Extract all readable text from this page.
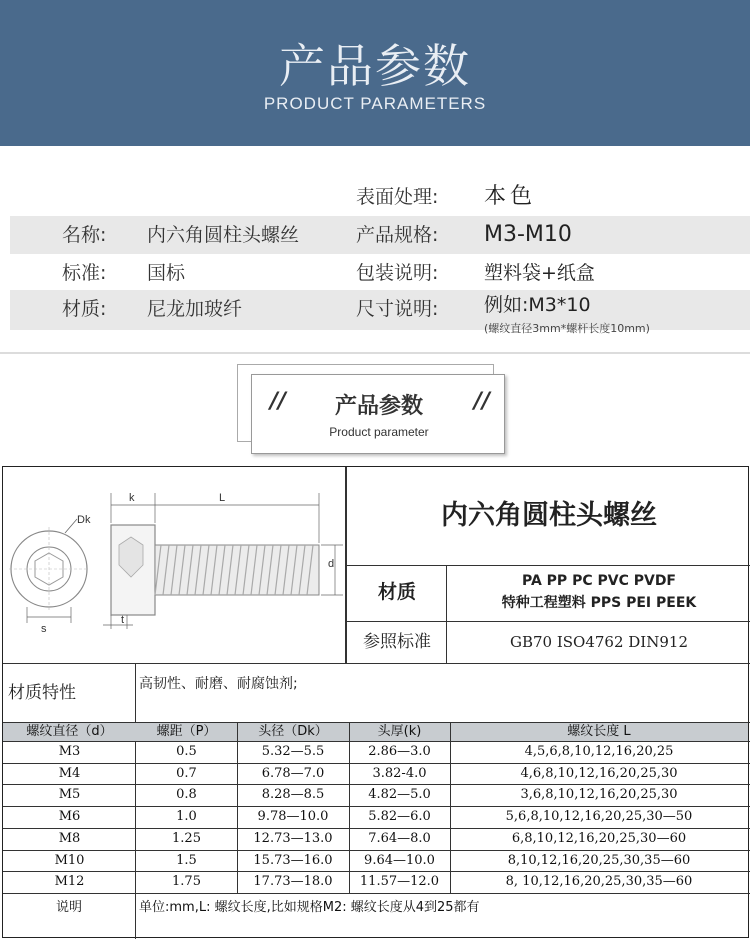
产品参数
PRODUCT PARAMETERS
表面处理: 本色
名称: 内六角圆柱头螺丝	产品规格: M3-M10
标准: 国标	包装说明: 塑料袋+纸盒
材质: 尼龙加玻纤	尺寸说明: 例如:M3*10
(螺纹直径3mm*螺杆长度10mm)
//	//
产品参数
Product parameter
Dk
s
k	L
d
t
内六角圆柱头螺丝
材质	PA PP PC PVC PVDF
特种工程塑料 PPS PEI PEEK
参照标准	GB70 ISO4762 DIN912
材质特性	高韧性、耐磨、耐腐蚀剂;
螺纹直径（d）	螺距（P）	头径（Dk）	头厚(k)	螺纹长度 L
M3	0.5	5.32—5.5	2.86—3.0	4,5,6,8,10,12,16,20,25
M4	0.7	6.78—7.0	3.82-4.0	4,6,8,10,12,16,20,25,30
M5	0.8	8.28—8.5	4.82—5.0	3,6,8,10,12,16,20,25,30
M6	1.0	9.78—10.0	5.82—6.0	5,6,8,10,12,16,20,25,30—50
M8	1.25	12.73—13.0	7.64—8.0	6,8,10,12,16,20,25,30—60
M10	1.5	15.73—16.0	9.64—10.0	8,10,12,16,20,25,30,35—60
M12	1.75	17.73—18.0	11.57—12.0	8, 10,12,16,20,25,30,35—60
说明	单位:mm,L: 螺纹长度,比如规格M2: 螺纹长度从4到25都有
